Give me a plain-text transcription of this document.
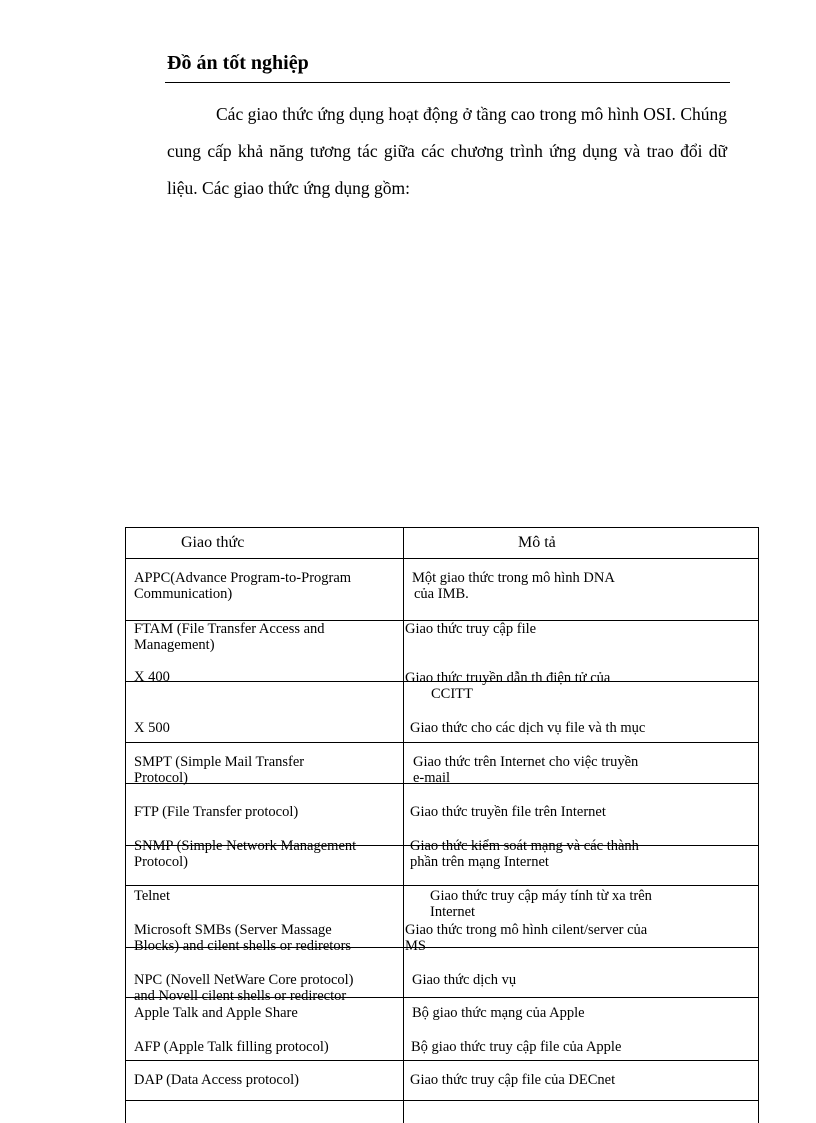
Đồ án tốt nghiệp
Các giao thức ứng dụng hoạt động ở tầng cao trong mô hình OSI. Chúng cung cấp khả năng tương tác giữa các chương trình ứng dụng và trao đổi dữ liệu. Các giao thức ứng dụng gồm:
Giao thức	Mô tả
APPC(Advance Program-to-Program
Communication)
FTAM (File Transfer Access and
Management)
X 400
X 500
SMPT (Simple Mail Transfer
Protocol)
FTP (File Transfer protocol)
SNMP (Simple Network Management
Protocol)
Telnet
Microsoft SMBs (Server Massage
Blocks) and cilent shells or rediretors
NPC (Novell NetWare Core protocol)
and Novell cilent shells or redirector
Apple Talk and Apple Share
AFP (Apple Talk filling protocol)
DAP (Data Access protocol)
Một giao thức trong mô hình DNA
của IMB.
Giao thức truy cập file
Giao thức truyền dẫn th điện tử của
CCITT
Giao thức cho các dịch vụ file và th mục
Giao thức trên Internet cho việc truyền
e-mail
Giao thức truyền file trên Internet
Giao thức kiểm soát mạng và các thành
phần trên mạng Internet
Giao thức truy cập máy tính từ xa trên
Internet
Giao thức trong mô hình cilent/server của
MS
Giao thức dịch vụ
Bộ giao thức mạng của Apple
Bộ giao thức truy cập file của Apple
Giao thức truy cập file của DECnet
